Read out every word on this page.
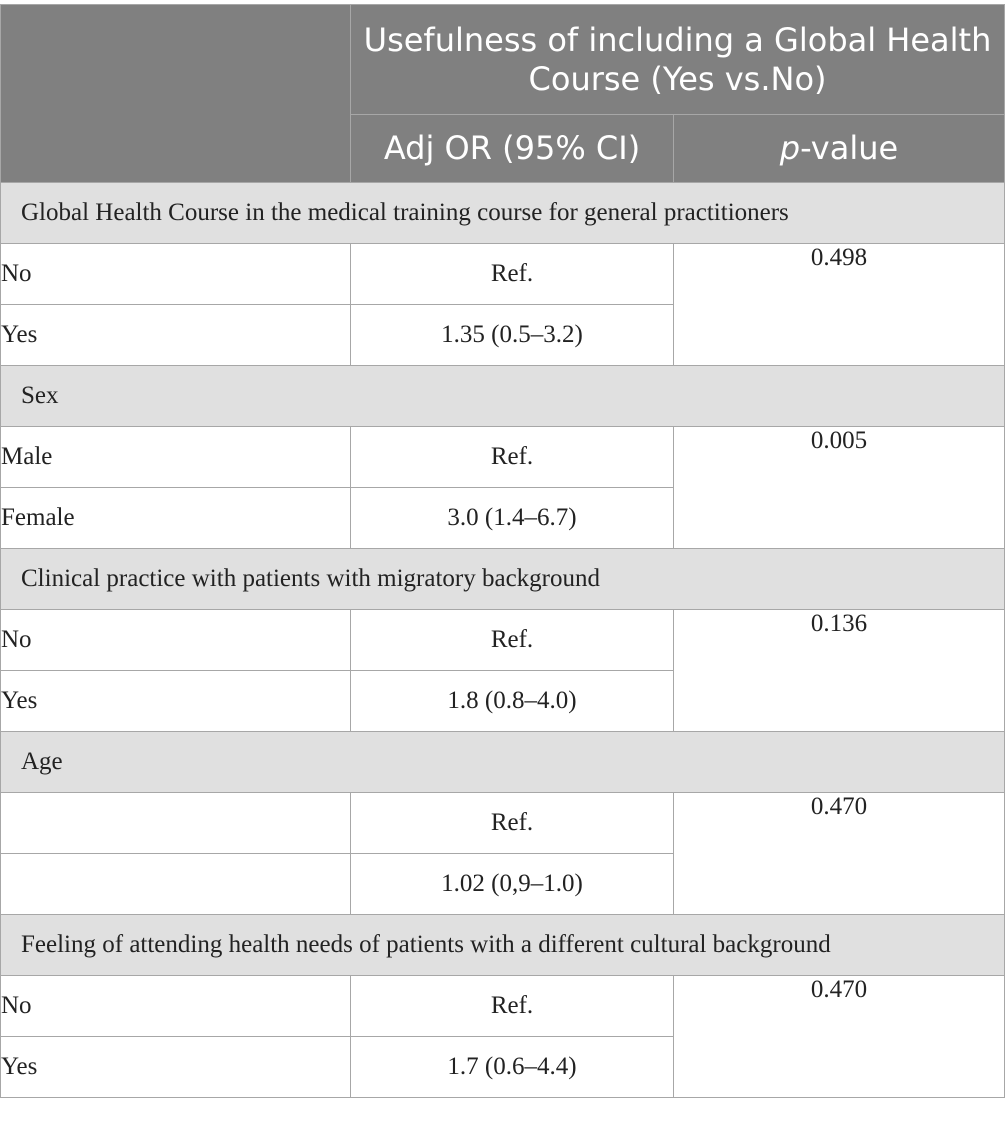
	Usefulness of including a Global Health Course (Yes vs.No)	
	Adj OR (95% CI)	p-value
Global Health Course in the medical training course for general practitioners		
No	Ref.	0.498
Yes	1.35 (0.5–3.2)	
Sex		
Male	Ref.	0.005
Female	3.0 (1.4–6.7)	
Clinical practice with patients with migratory background		
No	Ref.	0.136
Yes	1.8 (0.8–4.0)	
Age		
	Ref.	0.470
	1.02 (0,9–1.0)	
Feeling of attending health needs of patients with a different cultural background		
No	Ref.	0.470
Yes	1.7 (0.6–4.4)	
